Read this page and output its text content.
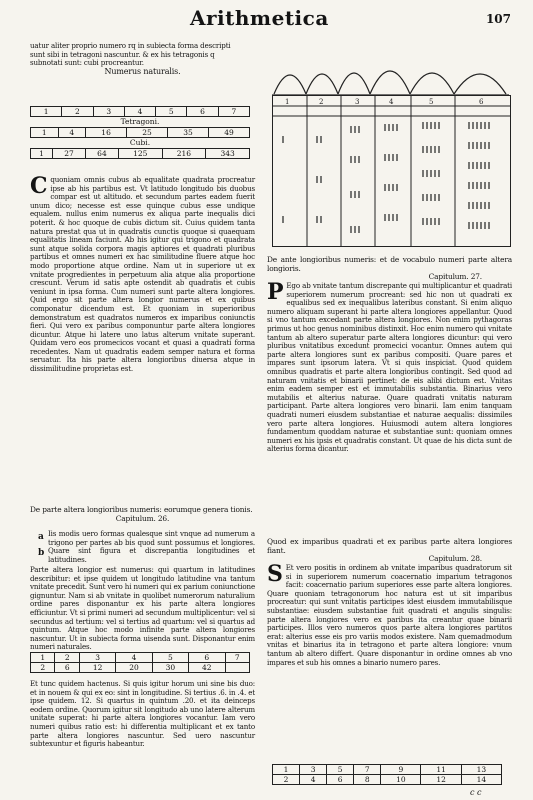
Arithmetica	107

uatur aliter proprio numero rq in subiecta forma descripti

sunt sibi in tetragoni nascuntur. & ex his tetragonis q

subnotati sunt: cubi procreantur.

Numerus naturalis.

1	2	3	4	5	6	7
Tetragoni.
1	4	16	25	35	49
Cubi.
1	27	64	125	216	343
C quoniam omnis cubus ab equalitate quadrata procreatur ipse ab his partibus est. Vt latitudo longitudo bis duobus compar est ut altitudo. et secundum partes eadem fuerit unum dico; necesse est esse quinque cubus esse undique equalem. nullus enim numerus ex aliqua parte inequalis dici poterit. & hoc quoque de cubis dictum sit. Cuius quidem tanta natura prestat qua ut in quadratis cunctis quoque si quaequam equalitatis lineam faciunt. Ab his igitur qui trigono et quadrata sunt atque solida corpora magis aptiores et quadrati pluribus partibus et omnes numeri ex hac similitudine fluere atque hoc modo proportione atque ordine. Nam ut in superiore ut ex vnitate progredientes in perpetuum alia atque alia proportione crescunt. Verum id satis apte ostendit ab quadratis et cubis veniunt in ipsa forma. Cum numeri sunt parte altera longiores. Quid ergo sit parte altera longior numerus et ex quibus componatur dicendum est. Et quoniam in superioribus demonstratum est quadratos numeros ex imparibus coniunctis fieri. Qui vero ex paribus componuntur parte altera longiores dicuntur. Atque hi latere uno latus alterum vnitate superant. Quidam vero eos promecicos vocant et quasi a quadrati forma recedentes. Nam ut quadratis eadem semper natura et forma seruatur. Ita his parte altera longioribus diuersa atque in dissimilitudine proprietas est.

De parte altera longioribus numeris: eorumque genera tionis.

Capitulum. 26.

Iis modis uero formas qualesque sint vnque ad numerum a trigono per partes ab bis quod sunt possumus et longiores. Quare sint figura et discrepantia longitudines et latitudines.

a
b

Parte altera longior est numerus: qui quartum in latitudines describitur: et ipse quidem ut longitudo latitudine vna tantum vnitate precedit. Sunt vero hi numeri qui ex parium coniunctione gignuntur. Nam si ab vnitate in quolibet numerorum naturalium ordine pares disponantur ex his parte altera longiores efficiuntur. Vt si primi numeri ad secundum multiplicentur: vel si secundus ad tertium: vel si tertius ad quartum: vel si quartus ad quintum. Atque hoc modo infinite parte altera longiores nascuntur. Ut in subiecta forma uisenda sunt. Disponantur enim numeri naturales.

1	2	3	4	5	6	7
2	6	12	20	30	42	

Et tunc quidem hactenus. Si quis igitur horum uni sine bis duo: et in nouem & qui ex eo: sint in longitudine. Si tertius .6. in .4. et ipse quidem. 12. Si quartus in quintum .20. et ita deinceps eodem ordine. Quorum igitur sit longitudo ab uno latere alterum unitate superat: hi parte altera longiores vocantur. Iam vero numeri quibus ratio est: hi differentia multiplicant et ex tanto parte altera longiores nascuntur. Sed uero nascuntur subtexuntur et figuris habeantur.

1	2	3	4	5	6

De ante longioribus numeris: et de vocabulo numeri parte altera longioris.

Capitulum. 27.

P Ego ab vnitate tantum discrepante qui multiplicantur et quadrati superiorem numerum procreant: sed hic non ut quadrati ex equalibus sed ex inequalibus lateribus constant. Si enim aliquo numero aliquam superant hi parte altera longiores appellantur. Quod si vno tantum excedant parte altera longiores. Non enim pythagoras primus ut hoc genus nominibus distinxit. Hoc enim numero qui vnitate tantum ab altero superatur parte altera longiores dicuntur: qui vero pluribus vnitatibus excedunt promecici vocantur. Omnes autem qui parte altera longiores sunt ex paribus compositi. Quare pares et impares sunt ipsorum latera. Vt si quis inspiciat. Quod quidem omnibus quadratis et parte altera longioribus contingit. Sed quod ad naturam vnitatis et binarii pertinet: de eis alibi dictum est. Vnitas enim eadem semper est et immutabilis substantia. Binarius vero mutabilis et alterius naturae. Quare quadrati vnitatis naturam participant. Parte altera longiores vero binarii. Iam enim tanquam quadrati numeri eiusdem substantiae et naturae aequalis: dissimiles vero parte altera longiores. Huiusmodi autem altera longiores fundamentum quoddam naturae et substantiae sunt: quoniam omnes numeri ex his ipsis et quadratis constant. Ut quae de his dicta sunt de alterius forma dicantur.

Quod ex imparibus quadrati et ex paribus parte altera longiores fiant.

Capitulum. 28.

S Et vero positis in ordinem ab vnitate imparibus quadratorum sit si in superiorem numerum coacernatio imparium tetragonos facit: coacernatio parium superiores esse parte altera longiores. Quare quoniam tetragonorum hoc natura est ut sit imparibus procreatur: qui sunt vnitatis participes idest eiusdem immutabilisque substantiae: eiusdem substantiae fuit quadrati et angulis singulis: parte altera longiores vero ex paribus ita creantur quae binarii participes. Illos vero numeros quos parte altera longiores partitos erat: alterius esse eis pro variis modos existere. Nam quemadmodum vnitas et binarius ita in tetragono et parte altera longiore: vnum tantum ab altero differt. Quare disponantur in ordine omnes ab vno impares et sub his omnes a binario numero pares.

1	3	5	7	9	11	13
2	4	6	8	10	12	14
c c
